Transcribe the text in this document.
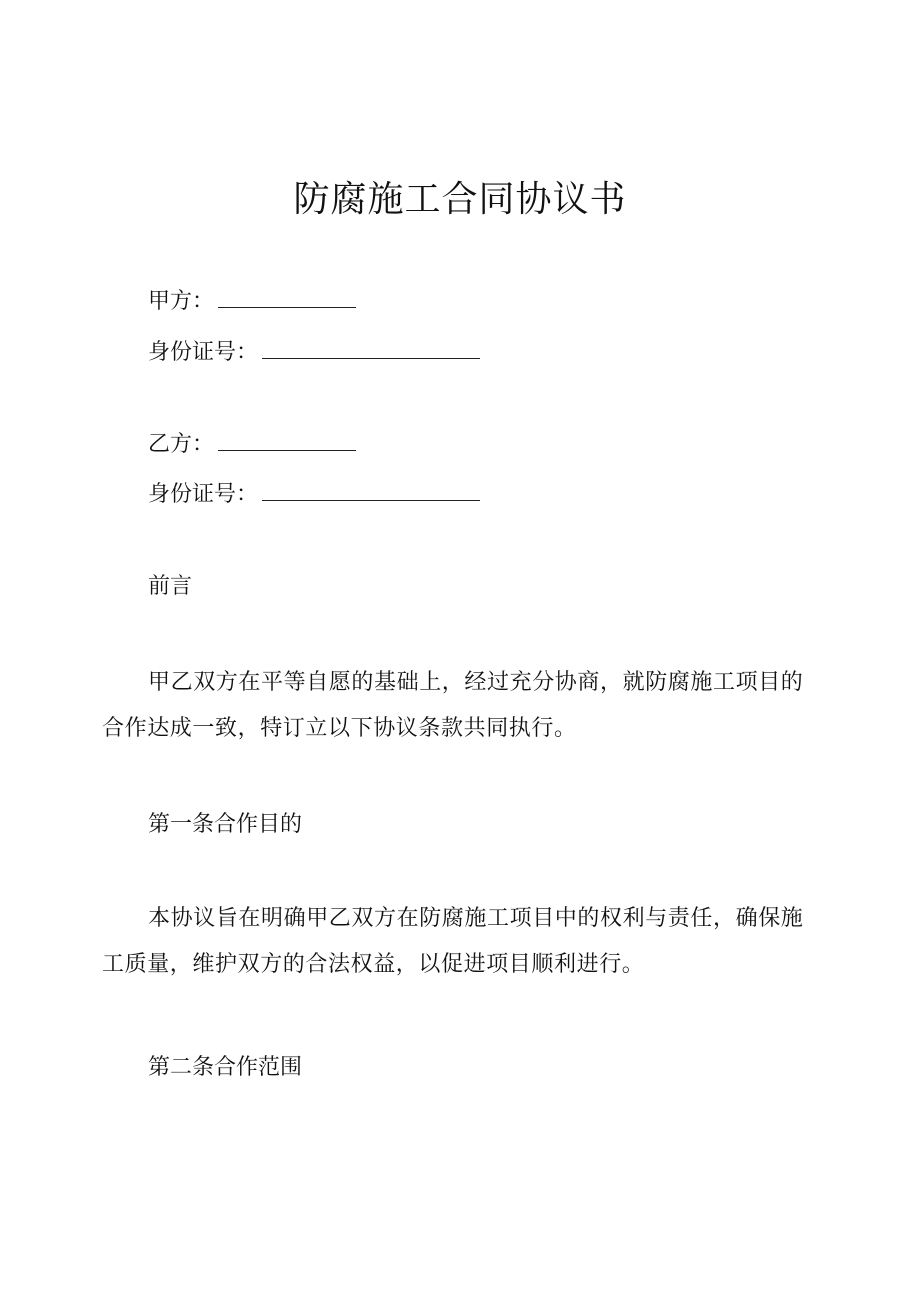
防腐施工合同协议书
甲方：
身份证号：
乙方：
身份证号：
前言

甲乙双方在平等自愿的基础上，经过充分协商，就防腐施工项目的合作达成一致，特订立以下协议条款共同执行。

第一条合作目的

本协议旨在明确甲乙双方在防腐施工项目中的权利与责任，确保施工质量，维护双方的合法权益，以促进项目顺利进行。

第二条合作范围
